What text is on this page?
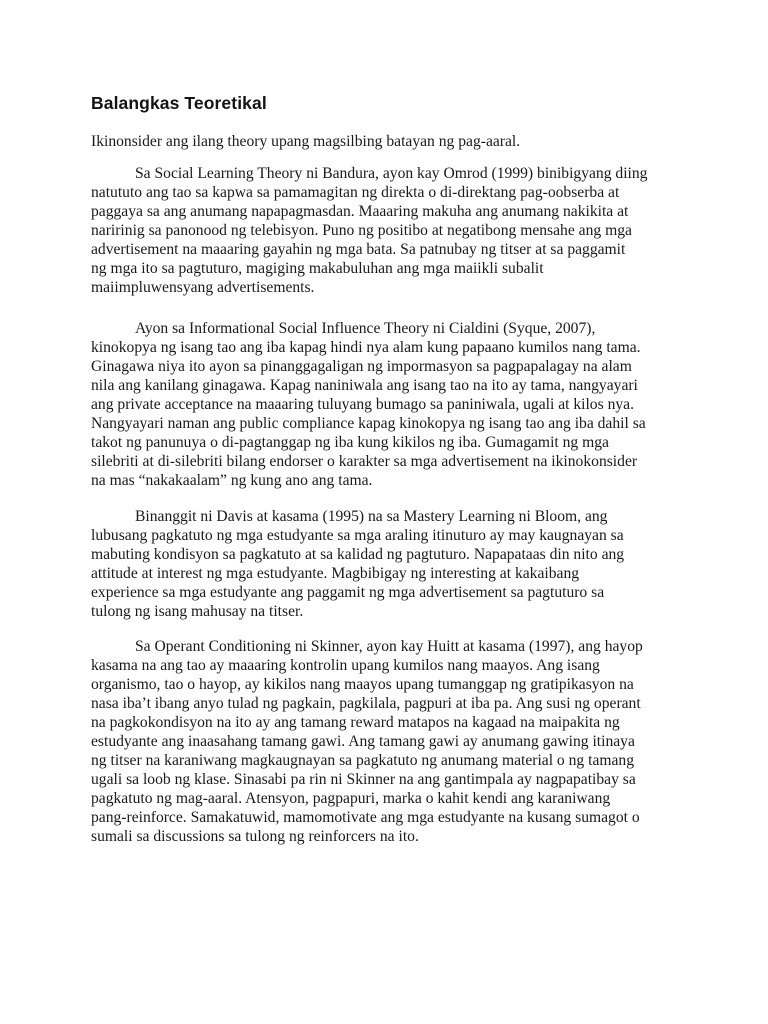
Balangkas Teoretikal

Ikinonsider ang ilang theory upang magsilbing batayan ng pag-aaral.

Sa Social Learning Theory ni Bandura, ayon kay Omrod (1999) binibigyang diing
natututo ang tao sa kapwa sa pamamagitan ng direkta o di-direktang pag-oobserba at
paggaya sa ang anumang napapagmasdan. Maaaring makuha ang anumang nakikita at
naririnig sa panonood ng telebisyon. Puno ng positibo at negatibong mensahe ang mga
advertisement na maaaring gayahin ng mga bata. Sa patnubay ng titser at sa paggamit
ng mga ito sa pagtuturo, magiging makabuluhan ang mga maiikli subalit
maiimpluwensyang advertisements.
Ayon sa Informational Social Influence Theory ni Cialdini (Syque, 2007),
kinokopya ng isang tao ang iba kapag hindi nya alam kung papaano kumilos nang tama.
Ginagawa niya ito ayon sa pinanggagaligan ng impormasyon sa pagpapalagay na alam
nila ang kanilang ginagawa. Kapag naniniwala ang isang tao na ito ay tama, nangyayari
ang private acceptance na maaaring tuluyang bumago sa paniniwala, ugali at kilos nya.
Nangyayari naman ang public compliance kapag kinokopya ng isang tao ang iba dahil sa
takot ng panunuya o di-pagtanggap ng iba kung kikilos ng iba. Gumagamit ng mga
silebriti at di-silebriti bilang endorser o karakter sa mga advertisement na ikinokonsider
na mas “nakakaalam” ng kung ano ang tama.
Binanggit ni Davis at kasama (1995) na sa Mastery Learning ni Bloom, ang
lubusang pagkatuto ng mga estudyante sa mga araling itinuturo ay may kaugnayan sa
mabuting kondisyon sa pagkatuto at sa kalidad ng pagtuturo. Napapataas din nito ang
attitude at interest ng mga estudyante. Magbibigay ng interesting at kakaibang
experience sa mga estudyante ang paggamit ng mga advertisement sa pagtuturo sa
tulong ng isang mahusay na titser.
Sa Operant Conditioning ni Skinner, ayon kay Huitt at kasama (1997), ang hayop
kasama na ang tao ay maaaring kontrolin upang kumilos nang maayos. Ang isang
organismo, tao o hayop, ay kikilos nang maayos upang tumanggap ng gratipikasyon na
nasa iba’t ibang anyo tulad ng pagkain, pagkilala, pagpuri at iba pa. Ang susi ng operant
na pagkokondisyon na ito ay ang tamang reward matapos na kagaad na maipakita ng
estudyante ang inaasahang tamang gawi. Ang tamang gawi ay anumang gawing itinaya
ng titser na karaniwang magkaugnayan sa pagkatuto ng anumang material o ng tamang
ugali sa loob ng klase. Sinasabi pa rin ni Skinner na ang gantimpala ay nagpapatibay sa
pagkatuto ng mag-aaral. Atensyon, pagpapuri, marka o kahit kendi ang karaniwang
pang-reinforce. Samakatuwid, mamomotivate ang mga estudyante na kusang sumagot o
sumali sa discussions sa tulong ng reinforcers na ito.
